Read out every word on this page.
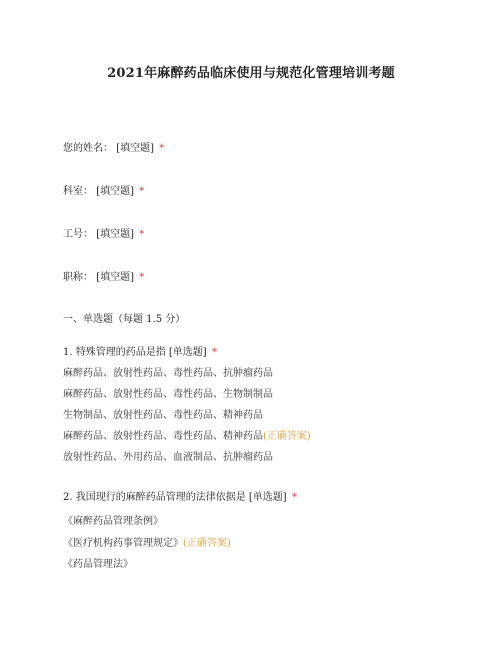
2021年麻醉药品临床使用与规范化管理培训考题
您的姓名： [填空题] *
科室： [填空题] *
工号： [填空题] *
职称： [填空题] *
一、单选题（每题 1.5 分）
1. 特殊管理的药品是指 [单选题] *
麻醉药品、放射性药品、毒性药品、抗肿瘤药品
麻醉药品、放射性药品、毒性药品、生物制制品
生物制品、放射性药品、毒性药品、精神药品
麻醉药品、放射性药品、毒性药品、精神药品(正确答案)
放射性药品、外用药品、血液制品、抗肿瘤药品
2. 我国现行的麻醉药品管理的法律依据是 [单选题] *
《麻醉药品管理条例》
《医疗机构药事管理规定》(正确答案)
《药品管理法》
